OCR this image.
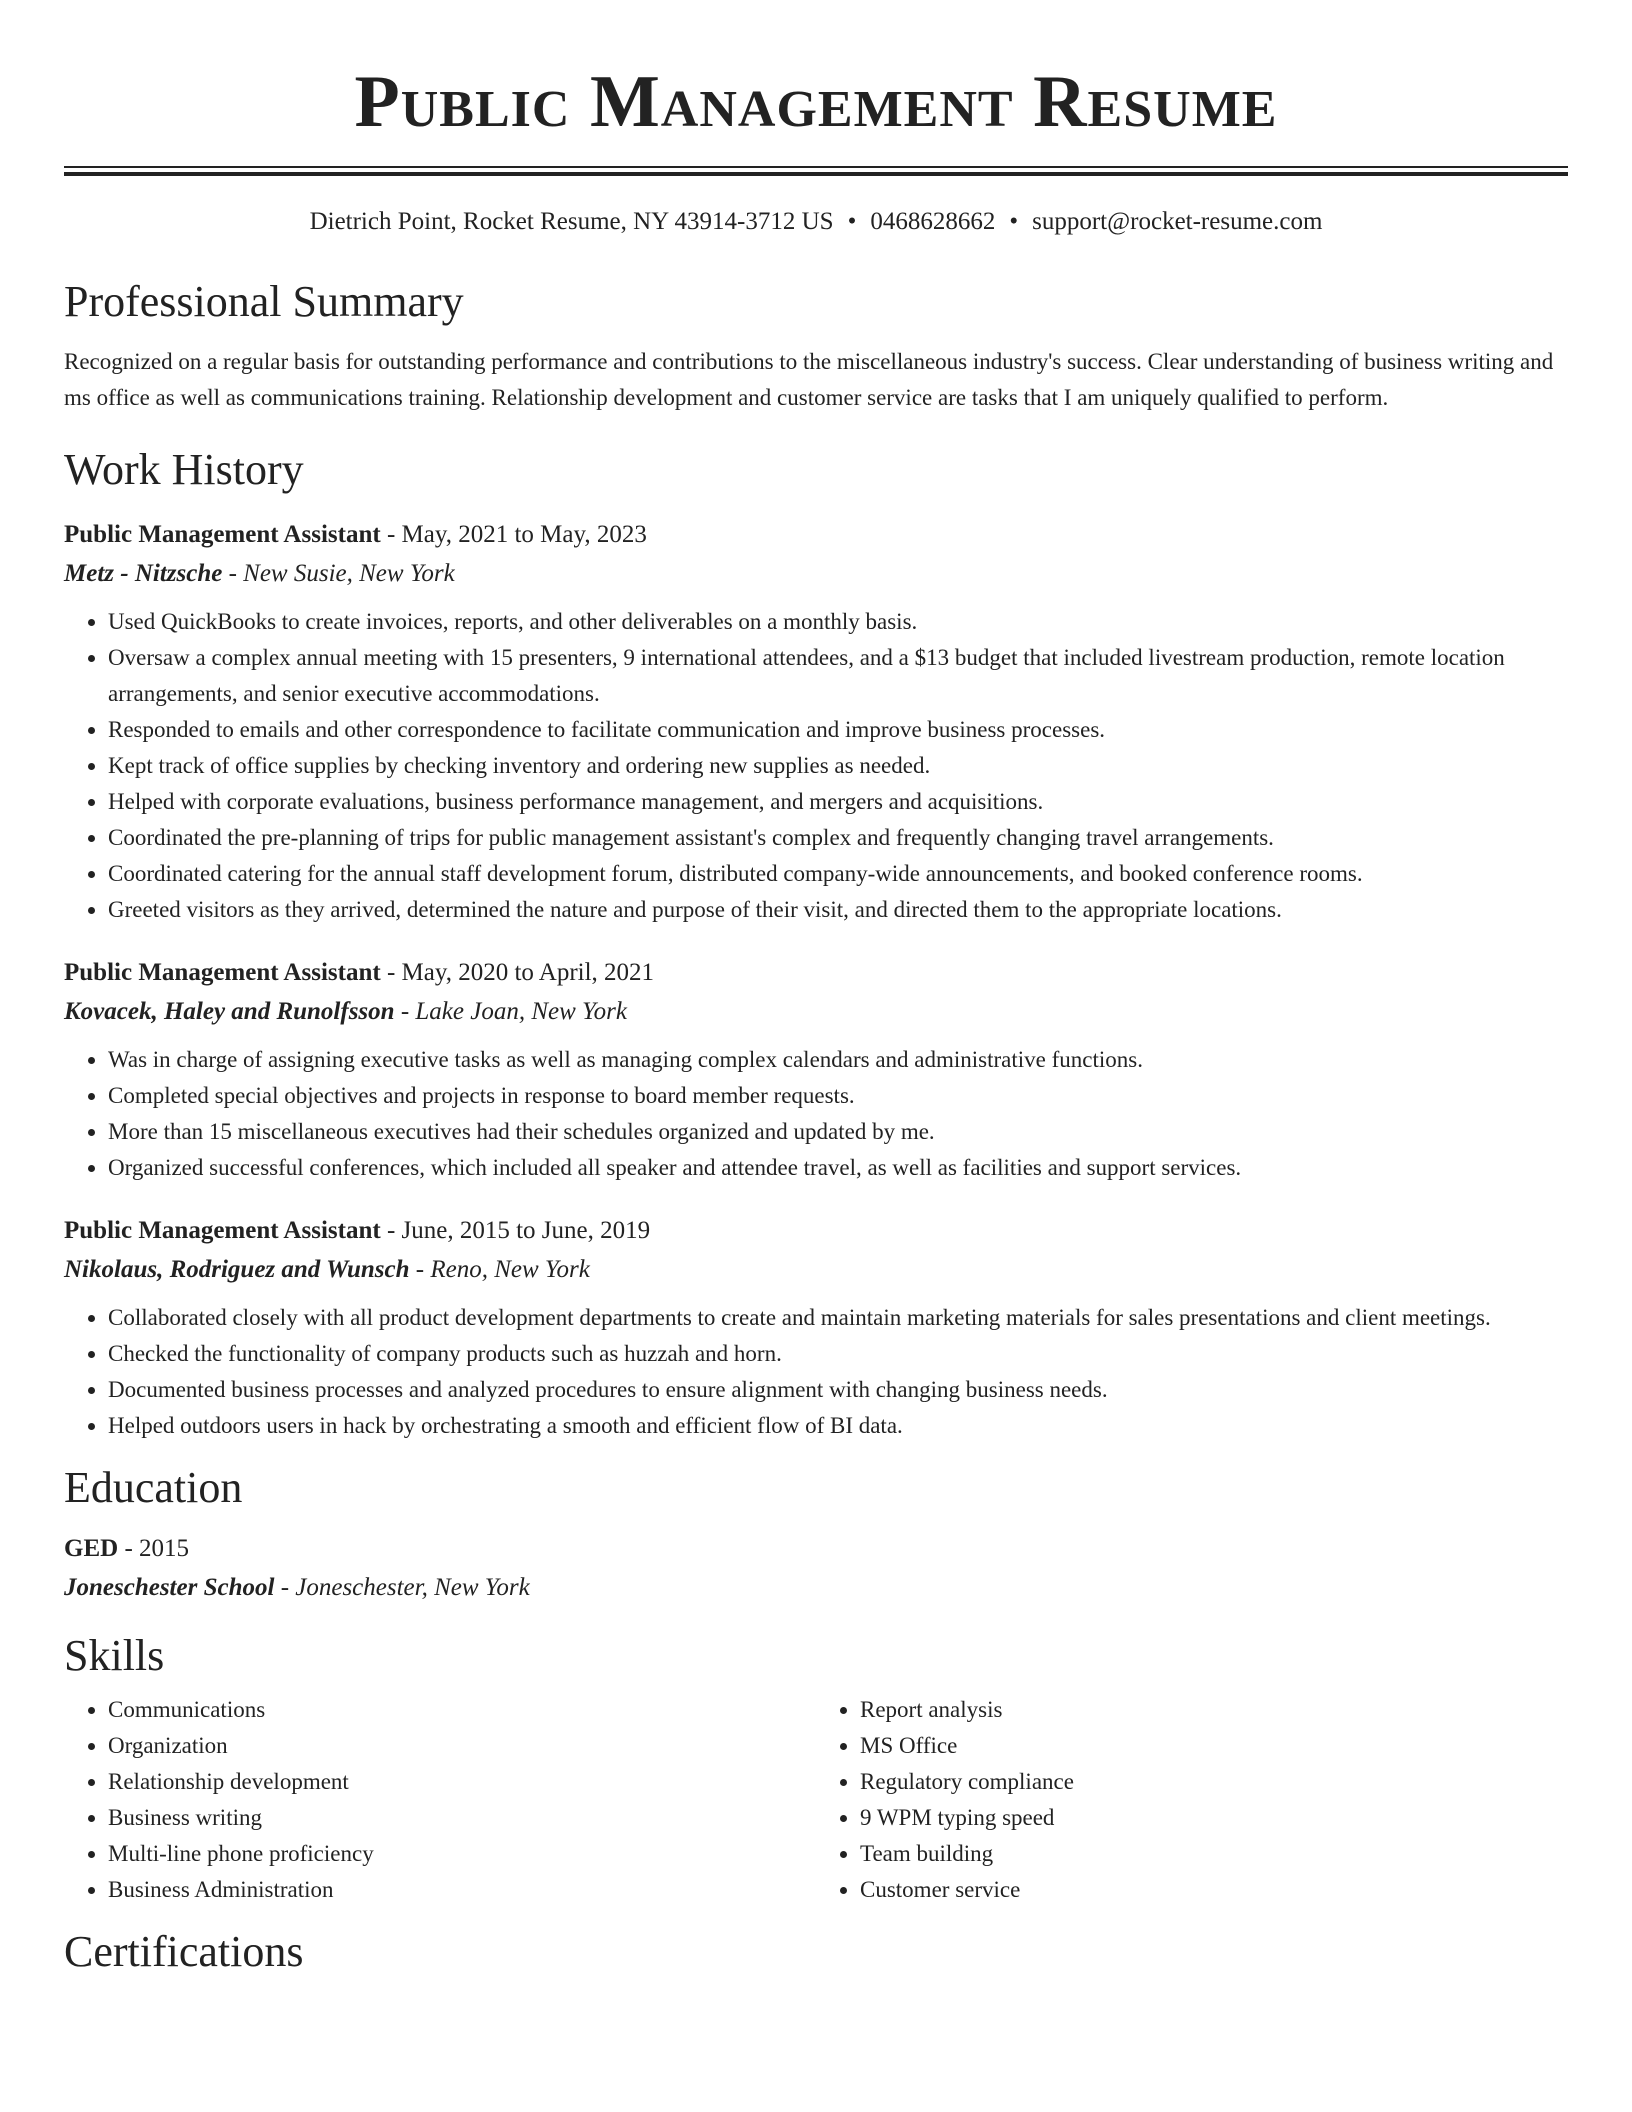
Public Management Resume
Dietrich Point, Rocket Resume, NY 43914-3712 US • 0468628662 • support@rocket-resume.com
Professional Summary

Recognized on a regular basis for outstanding performance and contributions to the miscellaneous industry's success. Clear understanding of business writing and ms office as well as communications training. Relationship development and customer service are tasks that I am uniquely qualified to perform.

Work History
Public Management Assistant - May, 2021 to May, 2023
Metz - Nitzsche - New Susie, New York
• Used QuickBooks to create invoices, reports, and other deliverables on a monthly basis.
• Oversaw a complex annual meeting with 15 presenters, 9 international attendees, and a $13 budget that included livestream production, remote location arrangements, and senior executive accommodations.
• Responded to emails and other correspondence to facilitate communication and improve business processes.
• Kept track of office supplies by checking inventory and ordering new supplies as needed.
• Helped with corporate evaluations, business performance management, and mergers and acquisitions.
• Coordinated the pre-planning of trips for public management assistant's complex and frequently changing travel arrangements.
• Coordinated catering for the annual staff development forum, distributed company-wide announcements, and booked conference rooms.
• Greeted visitors as they arrived, determined the nature and purpose of their visit, and directed them to the appropriate locations.
Public Management Assistant - May, 2020 to April, 2021
Kovacek, Haley and Runolfsson - Lake Joan, New York
• Was in charge of assigning executive tasks as well as managing complex calendars and administrative functions.
• Completed special objectives and projects in response to board member requests.
• More than 15 miscellaneous executives had their schedules organized and updated by me.
• Organized successful conferences, which included all speaker and attendee travel, as well as facilities and support services.
Public Management Assistant - June, 2015 to June, 2019
Nikolaus, Rodriguez and Wunsch - Reno, New York
• Collaborated closely with all product development departments to create and maintain marketing materials for sales presentations and client meetings.
• Checked the functionality of company products such as huzzah and horn.
• Documented business processes and analyzed procedures to ensure alignment with changing business needs.
• Helped outdoors users in hack by orchestrating a smooth and efficient flow of BI data.
Education
GED - 2015
Joneschester School - Joneschester, New York
Skills
• Communications
• Organization
• Relationship development
• Business writing
• Multi-line phone proficiency
• Business Administration
• Report analysis
• MS Office
• Regulatory compliance
• 9 WPM typing speed
• Team building
• Customer service
Certifications
